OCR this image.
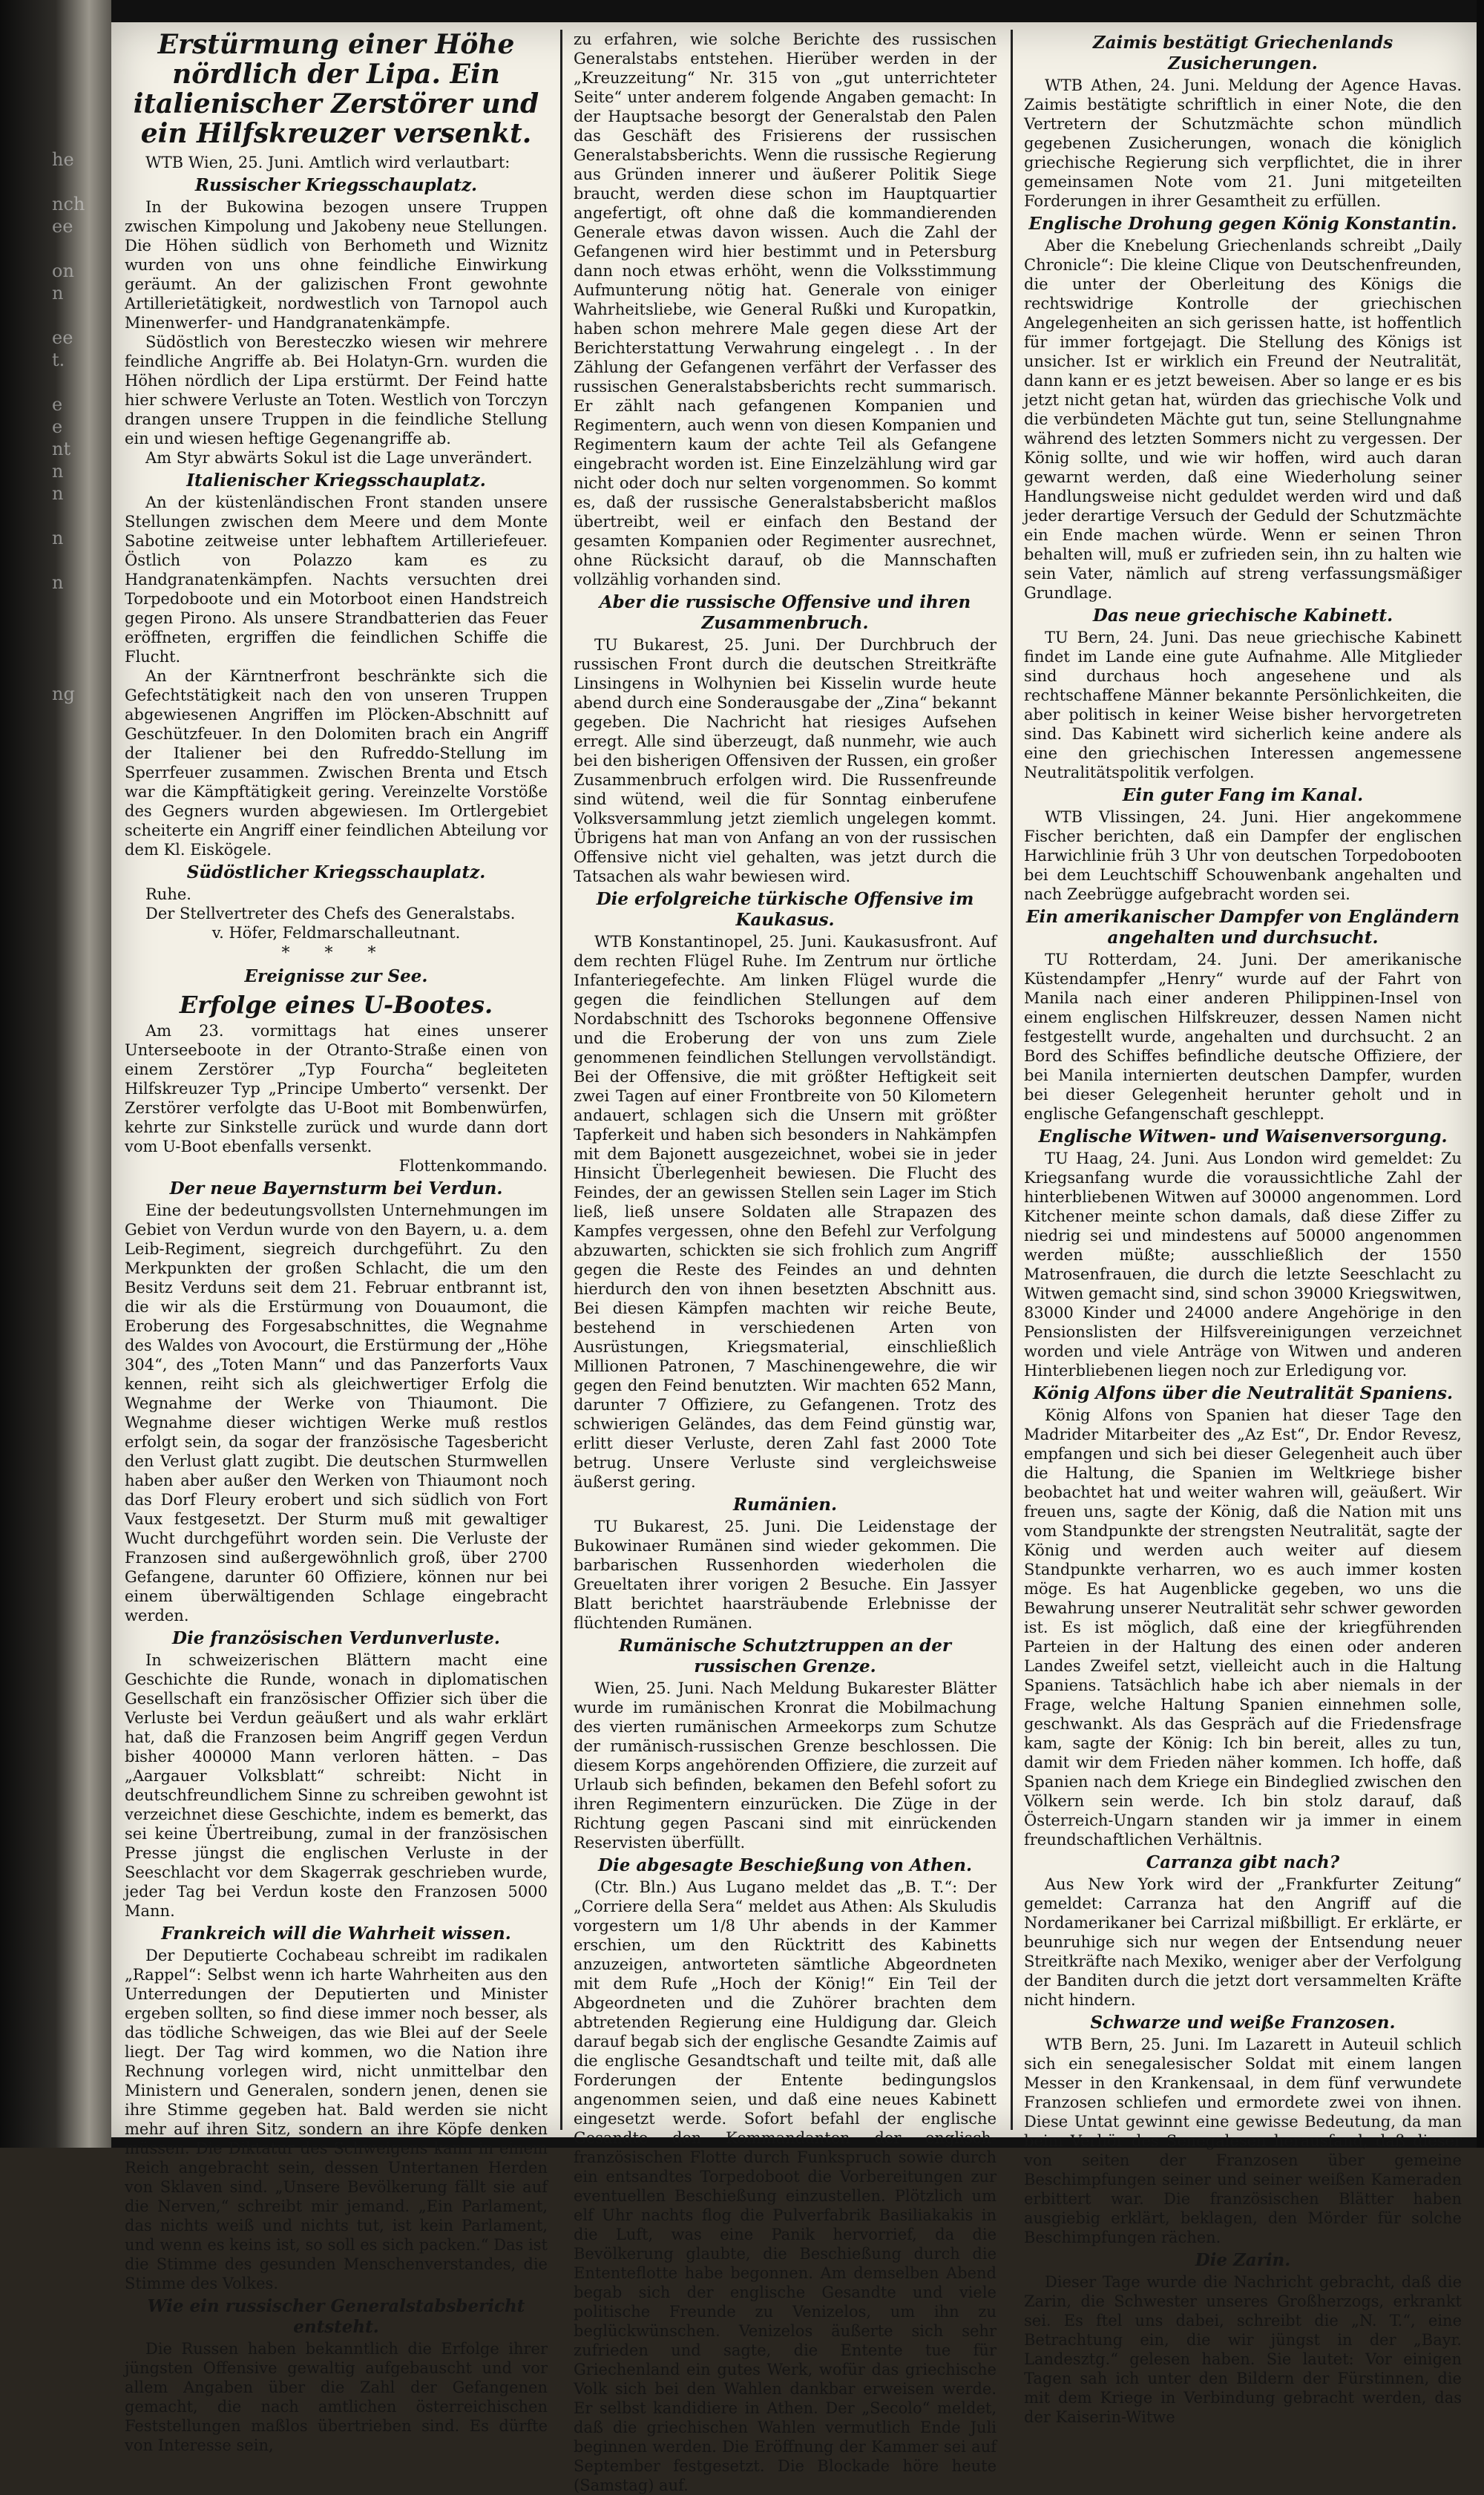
he

nch
ee

on
n

ee
t.

e
e
nt
n
n

n

n

ng
Erstürmung einer Höhe nördlich der Lipa. Ein italienischer Zerstörer und ein Hilfskreuzer versenkt.

WTB Wien, 25. Juni. Amtlich wird verlautbart:

Russischer Kriegsschauplatz.

In der Bukowina bezogen unsere Truppen zwischen Kimpolung und Jakobeny neue Stellungen. Die Höhen südlich von Berhometh und Wiznitz wurden von uns ohne feindliche Einwirkung geräumt. An der galizischen Front gewohnte Artillerietätigkeit, nordwestlich von Tarnopol auch Minenwerfer- und Handgranatenkämpfe.

Südöstlich von Beresteczko wiesen wir mehrere feindliche Angriffe ab. Bei Holatyn-Grn. wurden die Höhen nördlich der Lipa erstürmt. Der Feind hatte hier schwere Verluste an Toten. Westlich von Torczyn drangen unsere Truppen in die feindliche Stellung ein und wiesen heftige Gegenangriffe ab.

Am Styr abwärts Sokul ist die Lage unverändert.

Italienischer Kriegsschauplatz.

An der küstenländischen Front standen unsere Stellungen zwischen dem Meere und dem Monte Sabotine zeitweise unter lebhaftem Artilleriefeuer. Östlich von Polazzo kam es zu Handgranatenkämpfen. Nachts versuchten drei Torpedoboote und ein Motorboot einen Handstreich gegen Pirono. Als unsere Strandbatterien das Feuer eröffneten, ergriffen die feindlichen Schiffe die Flucht.

An der Kärntnerfront beschränkte sich die Gefechtstätigkeit nach den von unseren Truppen abgewiesenen Angriffen im Plöcken-Abschnitt auf Geschützfeuer. In den Dolomiten brach ein Angriff der Italiener bei den Rufreddo-Stellung im Sperrfeuer zusammen. Zwischen Brenta und Etsch war die Kämpftätigkeit gering. Vereinzelte Vorstöße des Gegners wurden abgewiesen. Im Ortlergebiet scheiterte ein Angriff einer feindlichen Abteilung vor dem Kl. Eiskögele.

Südöstlicher Kriegsschauplatz.

Ruhe.

Der Stellvertreter des Chefs des Generalstabs.

v. Höfer, Feldmarschalleutnant.

* * *
Ereignisse zur See.
Erfolge eines U-Bootes.

Am 23. vormittags hat eines unserer Unterseeboote in der Otranto-Straße einen von einem Zerstörer „Typ Fourcha“ begleiteten Hilfskreuzer Typ „Principe Umberto“ versenkt. Der Zerstörer verfolgte das U-Boot mit Bombenwürfen, kehrte zur Sinkstelle zurück und wurde dann dort vom U-Boot ebenfalls versenkt.

Flottenkommando.

Der neue Bayernsturm bei Verdun.

Eine der bedeutungsvollsten Unternehmungen im Gebiet von Verdun wurde von den Bayern, u. a. dem Leib-Regiment, siegreich durchgeführt. Zu den Merkpunkten der großen Schlacht, die um den Besitz Verduns seit dem 21. Februar entbrannt ist, die wir als die Erstürmung von Douaumont, die Eroberung des Forgesabschnittes, die Wegnahme des Waldes von Avocourt, die Erstürmung der „Höhe 304“, des „Toten Mann“ und das Panzerforts Vaux kennen, reiht sich als gleichwertiger Erfolg die Wegnahme der Werke von Thiaumont. Die Wegnahme dieser wichtigen Werke muß restlos erfolgt sein, da sogar der französische Tagesbericht den Verlust glatt zugibt. Die deutschen Sturmwellen haben aber außer den Werken von Thiaumont noch das Dorf Fleury erobert und sich südlich von Fort Vaux festgesetzt. Der Sturm muß mit gewaltiger Wucht durchgeführt worden sein. Die Verluste der Franzosen sind außergewöhnlich groß, über 2700 Gefangene, darunter 60 Offiziere, können nur bei einem überwältigenden Schlage eingebracht werden.

Die französischen Verdunverluste.

In schweizerischen Blättern macht eine Geschichte die Runde, wonach in diplomatischen Gesellschaft ein französischer Offizier sich über die Verluste bei Verdun geäußert und als wahr erklärt hat, daß die Franzosen beim Angriff gegen Verdun bisher 400000 Mann verloren hätten. – Das „Aargauer Volksblatt“ schreibt: Nicht in deutschfreundlichem Sinne zu schreiben gewohnt ist verzeichnet diese Geschichte, indem es bemerkt, das sei keine Übertreibung, zumal in der französischen Presse jüngst die englischen Verluste in der Seeschlacht vor dem Skagerrak geschrieben wurde, jeder Tag bei Verdun koste den Franzosen 5000 Mann.

Frankreich will die Wahrheit wissen.

Der Deputierte Cochabeau schreibt im radikalen „Rappel“: Selbst wenn ich harte Wahrheiten aus den Unterredungen der Deputierten und Minister ergeben sollten, so find diese immer noch besser, als das tödliche Schweigen, das wie Blei auf der Seele liegt. Der Tag wird kommen, wo die Nation ihre Rechnung vorlegen wird, nicht unmittelbar den Ministern und Generalen, sondern jenen, denen sie ihre Stimme gegeben hat. Bald werden sie nicht mehr auf ihren Sitz, sondern an ihre Köpfe denken müssen. Die Diktatur des Schweigens kann in einem Reich angebracht sein, dessen Untertanen Herden von Sklaven sind. „Unsere Bevölkerung fällt sie auf die Nerven,“ schreibt mir jemand. „Ein Parlament, das nichts weiß und nichts tut, ist kein Parlament, und wenn es keins ist, so soll es sich packen.“ Das ist die Stimme des gesunden Menschenverstandes, die Stimme des Volkes.

Wie ein russischer Generalstabsbericht entsteht.

Die Russen haben bekanntlich die Erfolge ihrer jüngsten Offensive gewaltig aufgebauscht und vor allem Angaben über die Zahl der Gefangenen gemacht, die nach amtlichen österreichischen Feststellungen maßlos übertrieben sind. Es dürfte von Interesse sein,

zu erfahren, wie solche Berichte des russischen Generalstabs entstehen. Hierüber werden in der „Kreuzzeitung“ Nr. 315 von „gut unterrichteter Seite“ unter anderem folgende Angaben gemacht: In der Hauptsache besorgt der Generalstab den Palen das Geschäft des Frisierens der russischen Generalstabsberichts. Wenn die russische Regierung aus Gründen innerer und äußerer Politik Siege braucht, werden diese schon im Hauptquartier angefertigt, oft ohne daß die kommandierenden Generale etwas davon wissen. Auch die Zahl der Gefangenen wird hier bestimmt und in Petersburg dann noch etwas erhöht, wenn die Volksstimmung Aufmunterung nötig hat. Generale von einiger Wahrheitsliebe, wie General Rußki und Kuropatkin, haben schon mehrere Male gegen diese Art der Berichterstattung Verwahrung eingelegt . . In der Zählung der Gefangenen verfährt der Verfasser des russischen Generalstabsberichts recht summarisch. Er zählt nach gefangenen Kompanien und Regimentern, auch wenn von diesen Kompanien und Regimentern kaum der achte Teil als Gefangene eingebracht worden ist. Eine Einzelzählung wird gar nicht oder doch nur selten vorgenommen. So kommt es, daß der russische Generalstabsbericht maßlos übertreibt, weil er einfach den Bestand der gesamten Kompanien oder Regimenter ausrechnet, ohne Rücksicht darauf, ob die Mannschaften vollzählig vorhanden sind.

Aber die russische Offensive und ihren Zusammenbruch.

TU Bukarest, 25. Juni. Der Durchbruch der russischen Front durch die deutschen Streitkräfte Linsingens in Wolhynien bei Kisselin wurde heute abend durch eine Sonderausgabe der „Zina“ bekannt gegeben. Die Nachricht hat riesiges Aufsehen erregt. Alle sind überzeugt, daß nunmehr, wie auch bei den bisherigen Offensiven der Russen, ein großer Zusammenbruch erfolgen wird. Die Russenfreunde sind wütend, weil die für Sonntag einberufene Volksversammlung jetzt ziemlich ungelegen kommt. Übrigens hat man von Anfang an von der russischen Offensive nicht viel gehalten, was jetzt durch die Tatsachen als wahr bewiesen wird.

Die erfolgreiche türkische Offensive im Kaukasus.

WTB Konstantinopel, 25. Juni. Kaukasusfront. Auf dem rechten Flügel Ruhe. Im Zentrum nur örtliche Infanteriegefechte. Am linken Flügel wurde die gegen die feindlichen Stellungen auf dem Nordabschnitt des Tschoroks begonnene Offensive und die Eroberung der von uns zum Ziele genommenen feindlichen Stellungen vervollständigt. Bei der Offensive, die mit größter Heftigkeit seit zwei Tagen auf einer Frontbreite von 50 Kilometern andauert, schlagen sich die Unsern mit größter Tapferkeit und haben sich besonders in Nahkämpfen mit dem Bajonett ausgezeichnet, wobei sie in jeder Hinsicht Überlegenheit bewiesen. Die Flucht des Feindes, der an gewissen Stellen sein Lager im Stich ließ, ließ unsere Soldaten alle Strapazen des Kampfes vergessen, ohne den Befehl zur Verfolgung abzuwarten, schickten sie sich frohlich zum Angriff gegen die Reste des Feindes an und dehnten hierdurch den von ihnen besetzten Abschnitt aus. Bei diesen Kämpfen machten wir reiche Beute, bestehend in verschiedenen Arten von Ausrüstungen, Kriegsmaterial, einschließlich Millionen Patronen, 7 Maschinengewehre, die wir gegen den Feind benutzten. Wir machten 652 Mann, darunter 7 Offiziere, zu Gefangenen. Trotz des schwierigen Geländes, das dem Feind günstig war, erlitt dieser Verluste, deren Zahl fast 2000 Tote betrug. Unsere Verluste sind vergleichsweise äußerst gering.

Rumänien.

TU Bukarest, 25. Juni. Die Leidenstage der Bukowinaer Rumänen sind wieder gekommen. Die barbarischen Russenhorden wiederholen die Greueltaten ihrer vorigen 2 Besuche. Ein Jassyer Blatt berichtet haarsträubende Erlebnisse der flüchtenden Rumänen.

Rumänische Schutztruppen an der russischen Grenze.

Wien, 25. Juni. Nach Meldung Bukarester Blätter wurde im rumänischen Kronrat die Mobilmachung des vierten rumänischen Armeekorps zum Schutze der rumänisch-russischen Grenze beschlossen. Die diesem Korps angehörenden Offiziere, die zurzeit auf Urlaub sich befinden, bekamen den Befehl sofort zu ihren Regimentern einzurücken. Die Züge in der Richtung gegen Pascani sind mit einrückenden Reservisten überfüllt.

Die abgesagte Beschießung von Athen.

(Ctr. Bln.) Aus Lugano meldet das „B. T.“: Der „Corriere della Sera“ meldet aus Athen: Als Skuludis vorgestern um 1/8 Uhr abends in der Kammer erschien, um den Rücktritt des Kabinetts anzuzeigen, antworteten sämtliche Abgeordneten mit dem Rufe „Hoch der König!“ Ein Teil der Abgeordneten und die Zuhörer brachten dem abtretenden Regierung eine Huldigung dar. Gleich darauf begab sich der englische Gesandte Zaimis auf die englische Gesandtschaft und teilte mit, daß alle Forderungen der Entente bedingungslos angenommen seien, und daß eine neues Kabinett eingesetzt werde. Sofort befahl der englische Gesandte den Kommandanten der englisch-französischen Flotte durch Funkspruch sowie durch ein entsandtes Torpedoboot die Vorbereitungen zur eventuellen Beschießung einzustellen. Plötzlich um elf Uhr nachts flog die Pulverfabrik Basiliakakis in die Luft, was eine Panik hervorrief, da die Bevölkerung glaubte, die Beschießung durch die Ententeflotte habe begonnen. Am demselben Abend begab sich der englische Gesandte und viele politische Freunde zu Venizelos, um ihn zu beglückwünschen. Venizelos äußerte sich sehr zufrieden und sagte, die Entente tue für Griechenland ein gutes Werk, wofür das griechische Volk sich bei den Wahlen dankbar erweisen werde. Er selbst kandidiere in Athen. Der „Secolo“ meldet, daß die griechischen Wahlen vermutlich Ende Juli beginnen werden. Die Eröffnung der Kammer sei auf September festgesetzt. Die Blockade höre heute (Samstag) auf.

Zaimis bestätigt Griechenlands Zusicherungen.

WTB Athen, 24. Juni. Meldung der Agence Havas. Zaimis bestätigte schriftlich in einer Note, die den Vertretern der Schutzmächte schon mündlich gegebenen Zusicherungen, wonach die königlich griechische Regierung sich verpflichtet, die in ihrer gemeinsamen Note vom 21. Juni mitgeteilten Forderungen in ihrer Gesamtheit zu erfüllen.

Englische Drohung gegen König Konstantin.

Aber die Knebelung Griechenlands schreibt „Daily Chronicle“: Die kleine Clique von Deutschenfreunden, die unter der Oberleitung des Königs die rechtswidrige Kontrolle der griechischen Angelegenheiten an sich gerissen hatte, ist hoffentlich für immer fortgejagt. Die Stellung des Königs ist unsicher. Ist er wirklich ein Freund der Neutralität, dann kann er es jetzt beweisen. Aber so lange er es bis jetzt nicht getan hat, würden das griechische Volk und die verbündeten Mächte gut tun, seine Stellungnahme während des letzten Sommers nicht zu vergessen. Der König sollte, und wie wir hoffen, wird auch daran gewarnt werden, daß eine Wiederholung seiner Handlungsweise nicht geduldet werden wird und daß jeder derartige Versuch der Geduld der Schutzmächte ein Ende machen würde. Wenn er seinen Thron behalten will, muß er zufrieden sein, ihn zu halten wie sein Vater, nämlich auf streng verfassungsmäßiger Grundlage.

Das neue griechische Kabinett.

TU Bern, 24. Juni. Das neue griechische Kabinett findet im Lande eine gute Aufnahme. Alle Mitglieder sind durchaus hoch angesehene und als rechtschaffene Männer bekannte Persönlichkeiten, die aber politisch in keiner Weise bisher hervorgetreten sind. Das Kabinett wird sicherlich keine andere als eine den griechischen Interessen angemessene Neutralitätspolitik verfolgen.

Ein guter Fang im Kanal.

WTB Vlissingen, 24. Juni. Hier angekommene Fischer berichten, daß ein Dampfer der englischen Harwichlinie früh 3 Uhr von deutschen Torpedobooten bei dem Leuchtschiff Schouwenbank angehalten und nach Zeebrügge aufgebracht worden sei.

Ein amerikanischer Dampfer von Engländern angehalten und durchsucht.

TU Rotterdam, 24. Juni. Der amerikanische Küstendampfer „Henry“ wurde auf der Fahrt von Manila nach einer anderen Philippinen-Insel von einem englischen Hilfskreuzer, dessen Namen nicht festgestellt wurde, angehalten und durchsucht. 2 an Bord des Schiffes befindliche deutsche Offiziere, der bei Manila internierten deutschen Dampfer, wurden bei dieser Gelegenheit herunter geholt und in englische Gefangenschaft geschleppt.

Englische Witwen- und Waisenversorgung.

TU Haag, 24. Juni. Aus London wird gemeldet: Zu Kriegsanfang wurde die voraussichtliche Zahl der hinterbliebenen Witwen auf 30000 angenommen. Lord Kitchener meinte schon damals, daß diese Ziffer zu niedrig sei und mindestens auf 50000 angenommen werden müßte; ausschließlich der 1550 Matrosenfrauen, die durch die letzte Seeschlacht zu Witwen gemacht sind, sind schon 39000 Kriegswitwen, 83000 Kinder und 24000 andere Angehörige in den Pensionslisten der Hilfsvereinigungen verzeichnet worden und viele Anträge von Witwen und anderen Hinterbliebenen liegen noch zur Erledigung vor.

König Alfons über die Neutralität Spaniens.

König Alfons von Spanien hat dieser Tage den Madrider Mitarbeiter des „Az Est“, Dr. Endor Revesz, empfangen und sich bei dieser Gelegenheit auch über die Haltung, die Spanien im Weltkriege bisher beobachtet hat und weiter wahren will, geäußert. Wir freuen uns, sagte der König, daß die Nation mit uns vom Standpunkte der strengsten Neutralität, sagte der König und werden auch weiter auf diesem Standpunkte verharren, wo es auch immer kosten möge. Es hat Augenblicke gegeben, wo uns die Bewahrung unserer Neutralität sehr schwer geworden ist. Es ist möglich, daß eine der kriegführenden Parteien in der Haltung des einen oder anderen Landes Zweifel setzt, vielleicht auch in die Haltung Spaniens. Tatsächlich habe ich aber niemals in der Frage, welche Haltung Spanien einnehmen solle, geschwankt. Als das Gespräch auf die Friedensfrage kam, sagte der König: Ich bin bereit, alles zu tun, damit wir dem Frieden näher kommen. Ich hoffe, daß Spanien nach dem Kriege ein Bindeglied zwischen den Völkern sein werde. Ich bin stolz darauf, daß Österreich-Ungarn standen wir ja immer in einem freundschaftlichen Verhältnis.

Carranza gibt nach?

Aus New York wird der „Frankfurter Zeitung“ gemeldet: Carranza hat den Angriff auf die Nordamerikaner bei Carrizal mißbilligt. Er erklärte, er beunruhige sich nur wegen der Entsendung neuer Streitkräfte nach Mexiko, weniger aber der Verfolgung der Banditen durch die jetzt dort versammelten Kräfte nicht hindern.

Schwarze und weiße Franzosen.

WTB Bern, 25. Juni. Im Lazarett in Auteuil schlich sich ein senegalesischer Soldat mit einem langen Messer in den Krankensaal, in dem fünf verwundete Franzosen schliefen und ermordete zwei von ihnen. Diese Untat gewinnt eine gewisse Bedeutung, da man beim Verhör des Senegalesen herausfand, daß dieser von seiten der Franzosen über gemeine Beschimpfungen seiner und seiner weißen Kameraden erbittert war. Die französischen Blätter haben ausgiebig erklärt, beklagen, den Mörder für solche Beschimpfungen rächen.

Die Zarin.

Dieser Tage wurde die Nachricht gebracht, daß die Zarin, die Schwester unseres Großherzogs, erkrankt sei. Es ftel uns dabei, schreibt die „N. T.“, eine Betrachtung ein, die wir jüngst in der „Bayr. Landesztg.“ gelesen haben. Sie lautet: Vor einigen Tagen sah ich unter den Bildern der Fürstinnen, die mit dem Kriege in Verbindung gebracht werden, das der Kaiserin-Witwe
